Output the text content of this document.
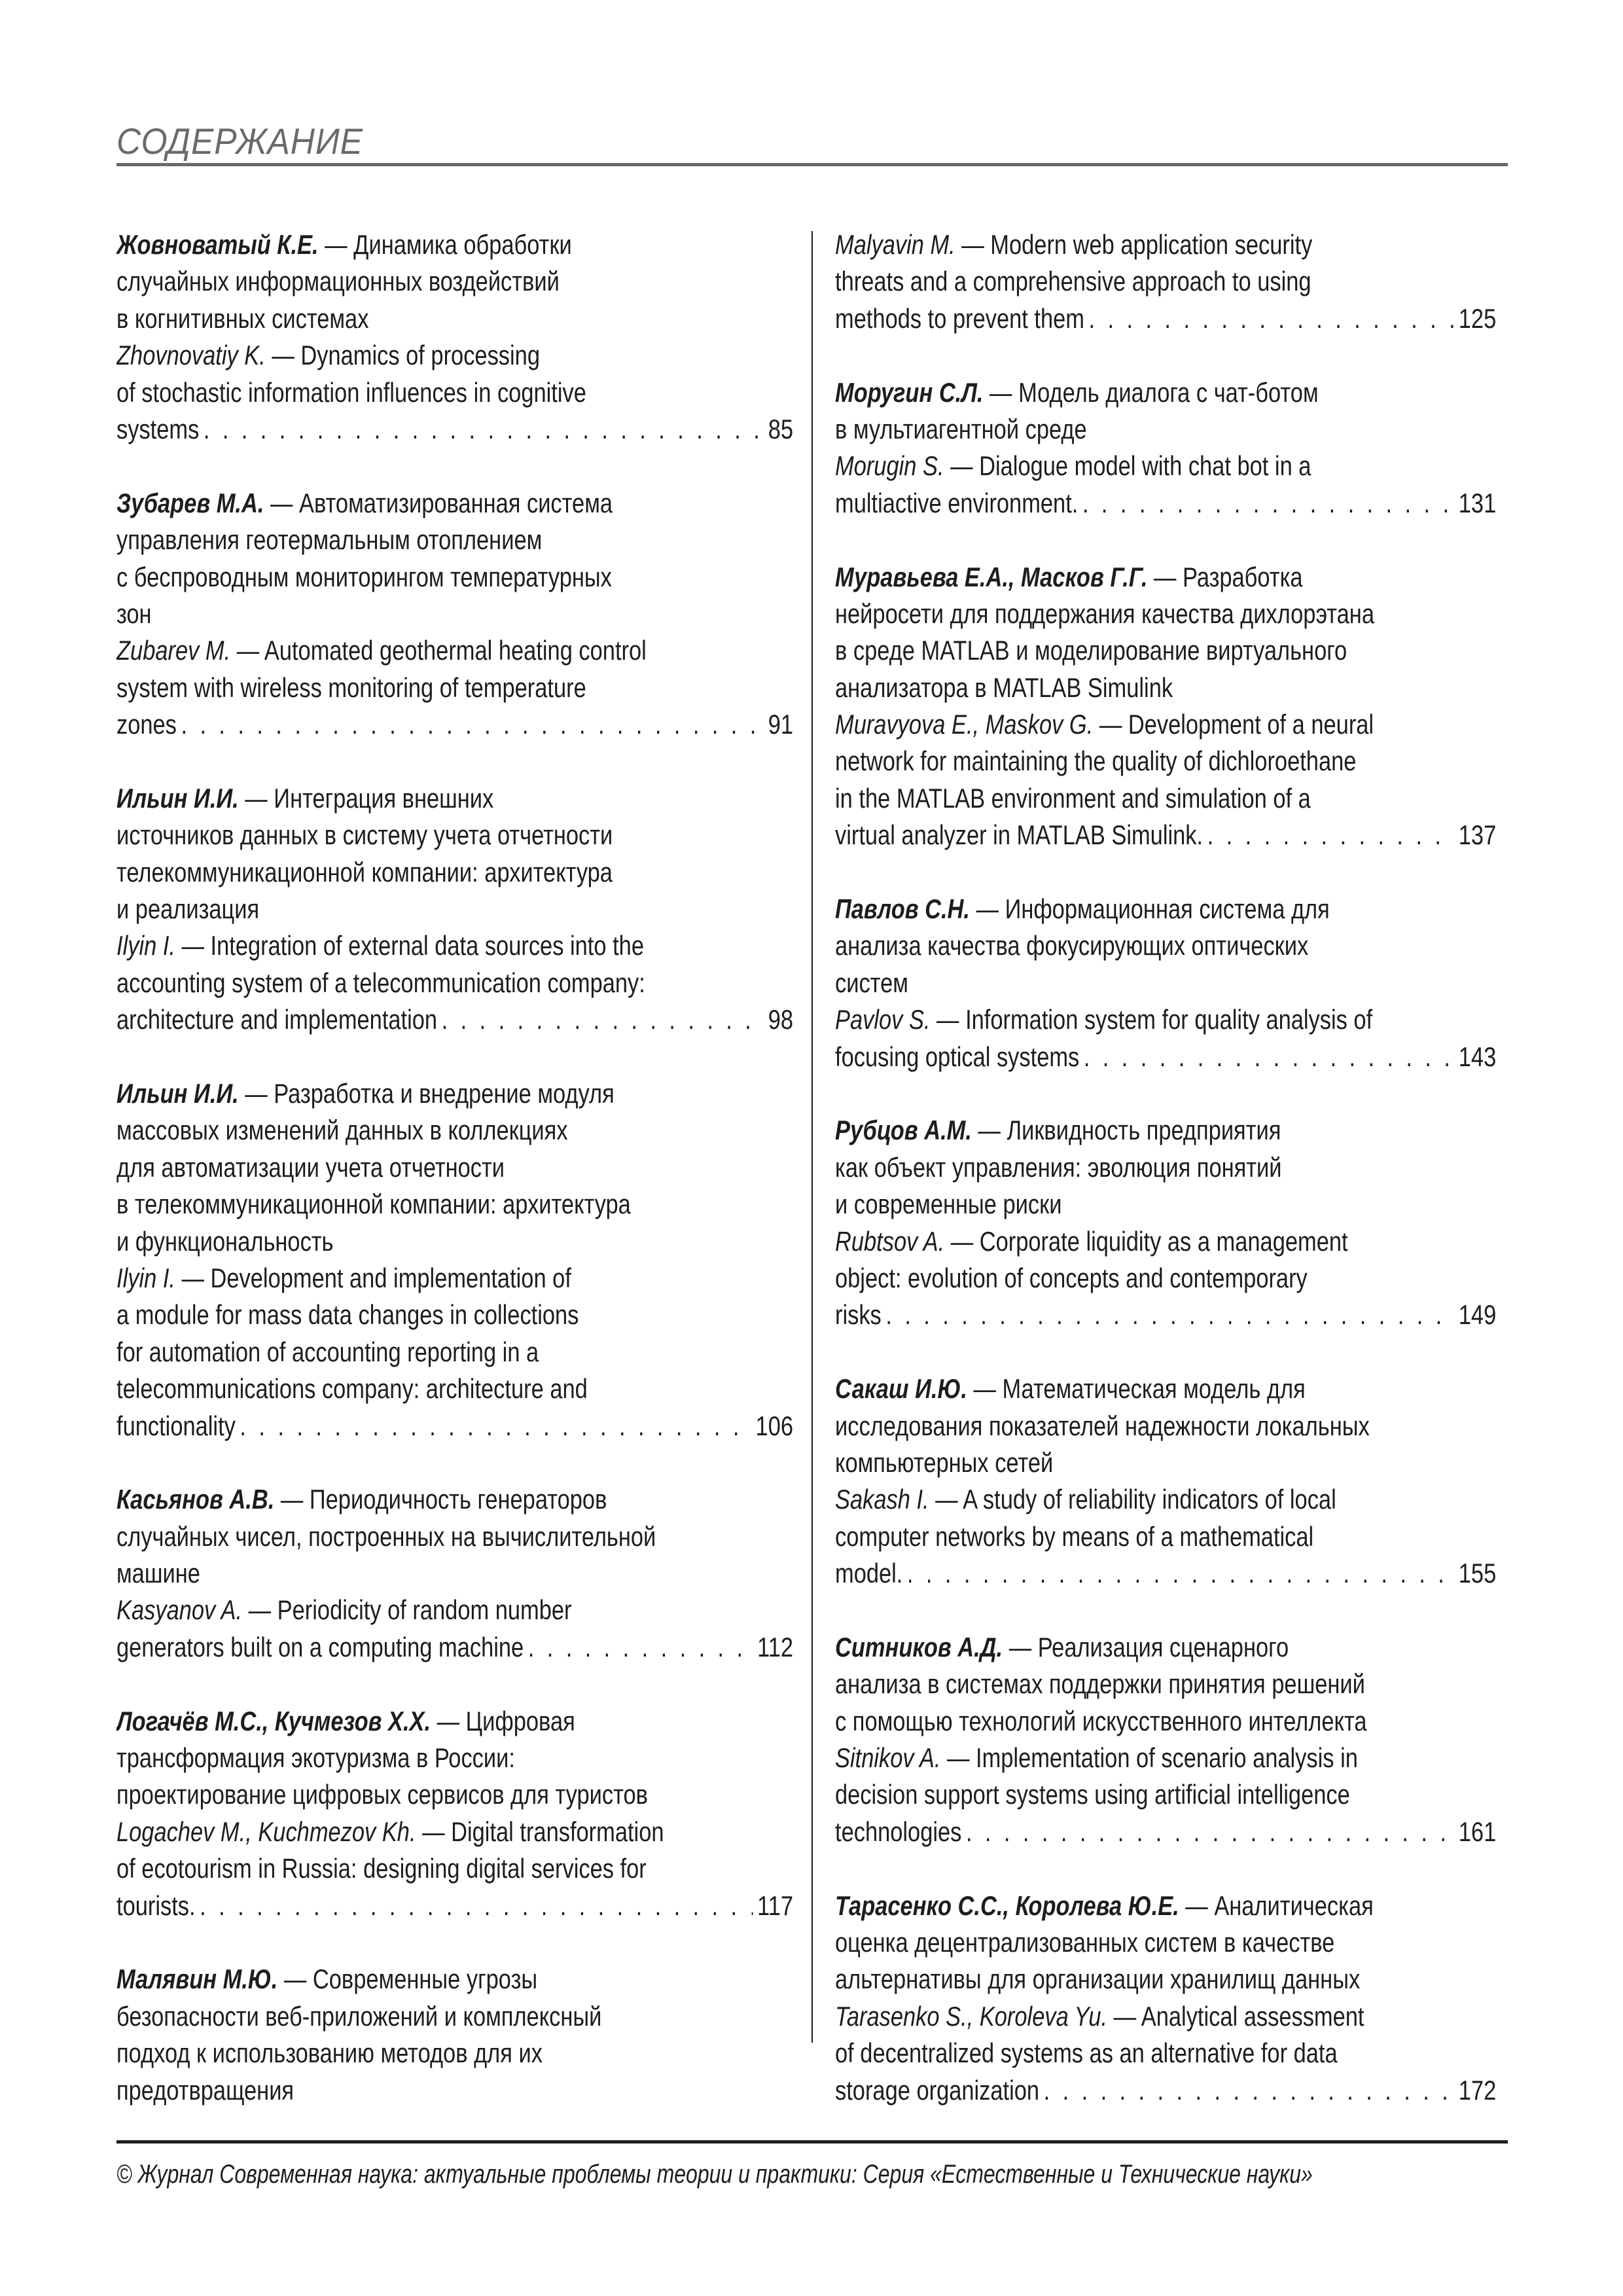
СОДЕРЖАНИЕ
Жовноватый К.Е. — Динамика обработки
случайных информационных воздействий
в когнитивных системах
Zhovnovatiy K. — Dynamics of processing
of stochastic information influences in cognitive
systems . . .	85
Зубарев М.А. — Автоматизированная система
управления геотермальным отоплением
с беспроводным мониторингом температурных
зон
Zubarev M. — Automated geothermal heating control
system with wireless monitoring of temperature
zones . . .	91
Ильин И.И. — Интеграция внешних
источников данных в систему учета отчетности
телекоммуникационной компании: архитектура
и реализация
Ilyin I. — Integration of external data sources into the
accounting system of a telecommunication company:
architecture and implementation . . .	98
Ильин И.И. — Разработка и внедрение модуля
массовых изменений данных в коллекциях
для автоматизации учета отчетности
в телекоммуникационной компании: архитектура
и функциональность
Ilyin I. — Development and implementation of
a module for mass data changes in collections
for automation of accounting reporting in a
telecommunications company: architecture and
functionality . . .	106
Касьянов А.В. — Периодичность генераторов
случайных чисел, построенных на вычислительной
машине
Kasyanov A. — Periodicity of random number
generators built on a computing machine . . .	112
Логачёв М.С., Кучмезов Х.Х. — Цифровая
трансформация экотуризма в России:
проектирование цифровых сервисов для туристов
Logachev M., Kuchmezov Kh. — Digital transformation
of ecotourism in Russia: designing digital services for
tourists. . . .	117
Малявин М.Ю. — Современные угрозы
безопасности веб-приложений и комплексный
подход к использованию методов для их
предотвращения
Malyavin M. — Modern web application security
threats and a comprehensive approach to using
methods to prevent them . . .	125
Моругин С.Л. — Модель диалога с чат-ботом
в мультиагентной среде
Morugin S. — Dialogue model with chat bot in a
multiactive environment. . . .	131
Муравьева Е.А., Масков Г.Г. — Разработка
нейросети для поддержания качества дихлорэтана
в среде MATLAB и моделирование виртуального
анализатора в MATLAB Simulink
Muravyova E., Maskov G. — Development of a neural
network for maintaining the quality of dichloroethane
in the MATLAB environment and simulation of a
virtual analyzer in MATLAB Simulink. . . .	137
Павлов С.Н. — Информационная система для
анализа качества фокусирующих оптических
систем
Pavlov S. — Information system for quality analysis of
focusing optical systems . . .	143
Рубцов А.М. — Ликвидность предприятия
как объект управления: эволюция понятий
и современные риски
Rubtsov A. — Corporate liquidity as a management
object: evolution of concepts and contemporary
risks . . .	149
Сакаш И.Ю. — Математическая модель для
исследования показателей надежности локальных
компьютерных сетей
Sakash I. — A study of reliability indicators of local
computer networks by means of a mathematical
model. . . .	155
Ситников А.Д. — Реализация сценарного
анализа в системах поддержки принятия решений
с помощью технологий искусственного интеллекта
Sitnikov A. — Implementation of scenario analysis in
decision support systems using artificial intelligence
technologies . . .	161
Тарасенко С.С., Королева Ю.Е. — Аналитическая
оценка децентрализованных систем в качестве
альтернативы для организации хранилищ данных
Tarasenko S., Koroleva Yu. — Analytical assessment
of decentralized systems as an alternative for data
storage organization . . .	172
© Журнал Современная наука: актуальные проблемы теории и практики: Серия «Естественные и Технические науки»
